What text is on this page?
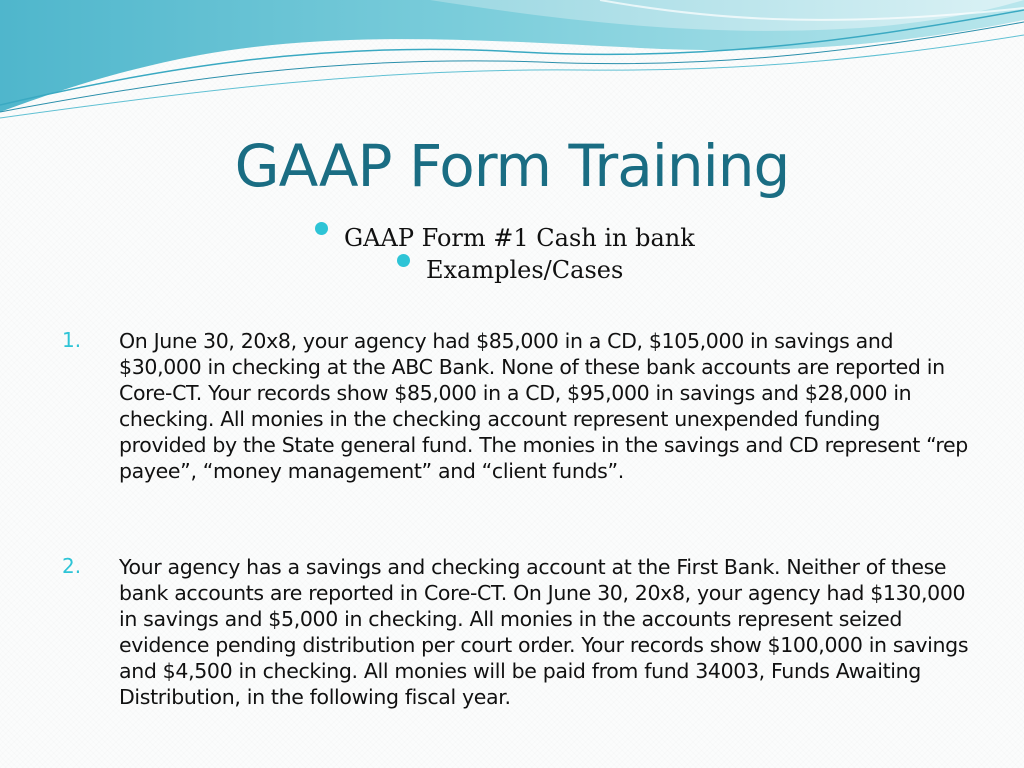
GAAP Form Training
GAAP Form #1 Cash in bank
Examples/Cases
1. On June 30, 20x8, your agency had $85,000 in a CD, $105,000 in savings and $30,000 in checking at the ABC Bank. None of these bank accounts are reported in Core-CT. Your records show $85,000 in a CD, $95,000 in savings and $28,000 in checking. All monies in the checking account represent unexpended funding provided by the State general fund. The monies in the savings and CD represent “rep payee”, “money management” and “client funds”.
2. Your agency has a savings and checking account at the First Bank. Neither of these bank accounts are reported in Core-CT. On June 30, 20x8, your agency had $130,000 in savings and $5,000 in checking. All monies in the accounts represent seized evidence pending distribution per court order. Your records show $100,000 in savings and $4,500 in checking. All monies will be paid from fund 34003, Funds Awaiting Distribution, in the following fiscal year.
